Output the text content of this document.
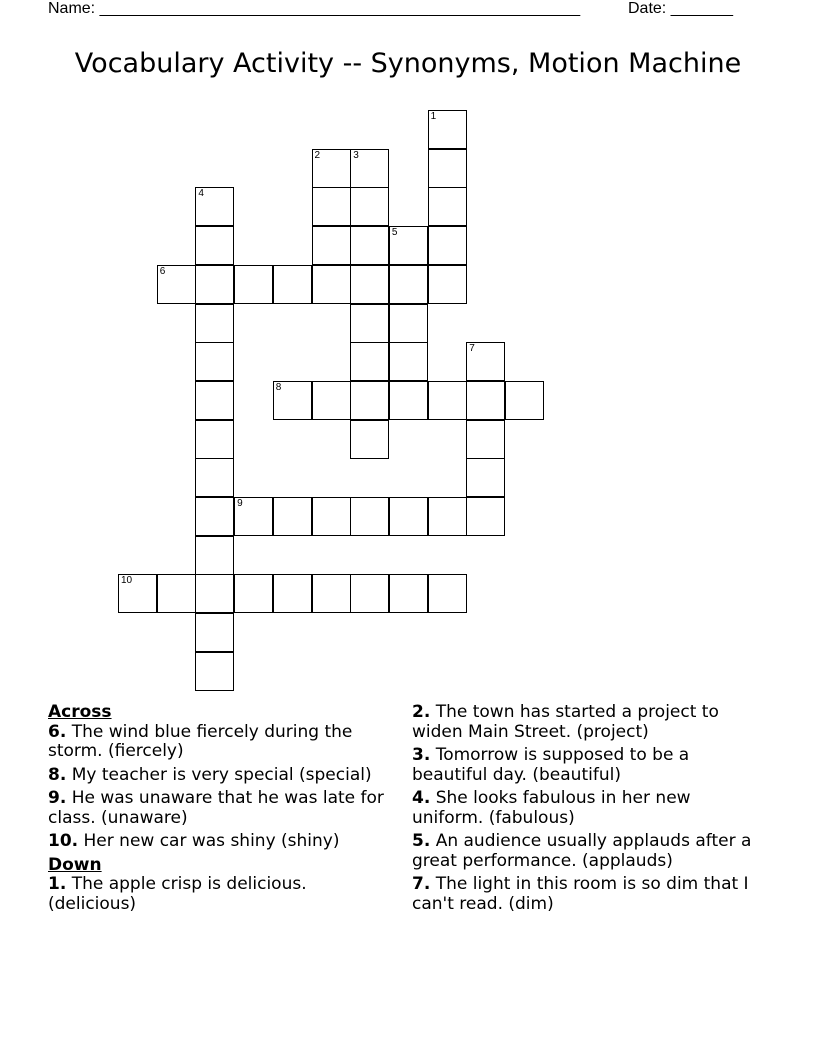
Name: ______________________________________________________	Date: _______
Vocabulary Activity -- Synonyms, Motion Machine
1
2	3
4
5
6
7
8
9
10
Across
6. The wind blue fiercely during the storm. (fiercely)
8. My teacher is very special (special)
9. He was unaware that he was late for class. (unaware)
10. Her new car was shiny (shiny)
Down
1. The apple crisp is delicious. (delicious)
2. The town has started a project to widen Main Street. (project)
3. Tomorrow is supposed to be a beautiful day. (beautiful)
4. She looks fabulous in her new uniform. (fabulous)
5. An audience usually applauds after a great performance. (applauds)
7. The light in this room is so dim that I can't read. (dim)
